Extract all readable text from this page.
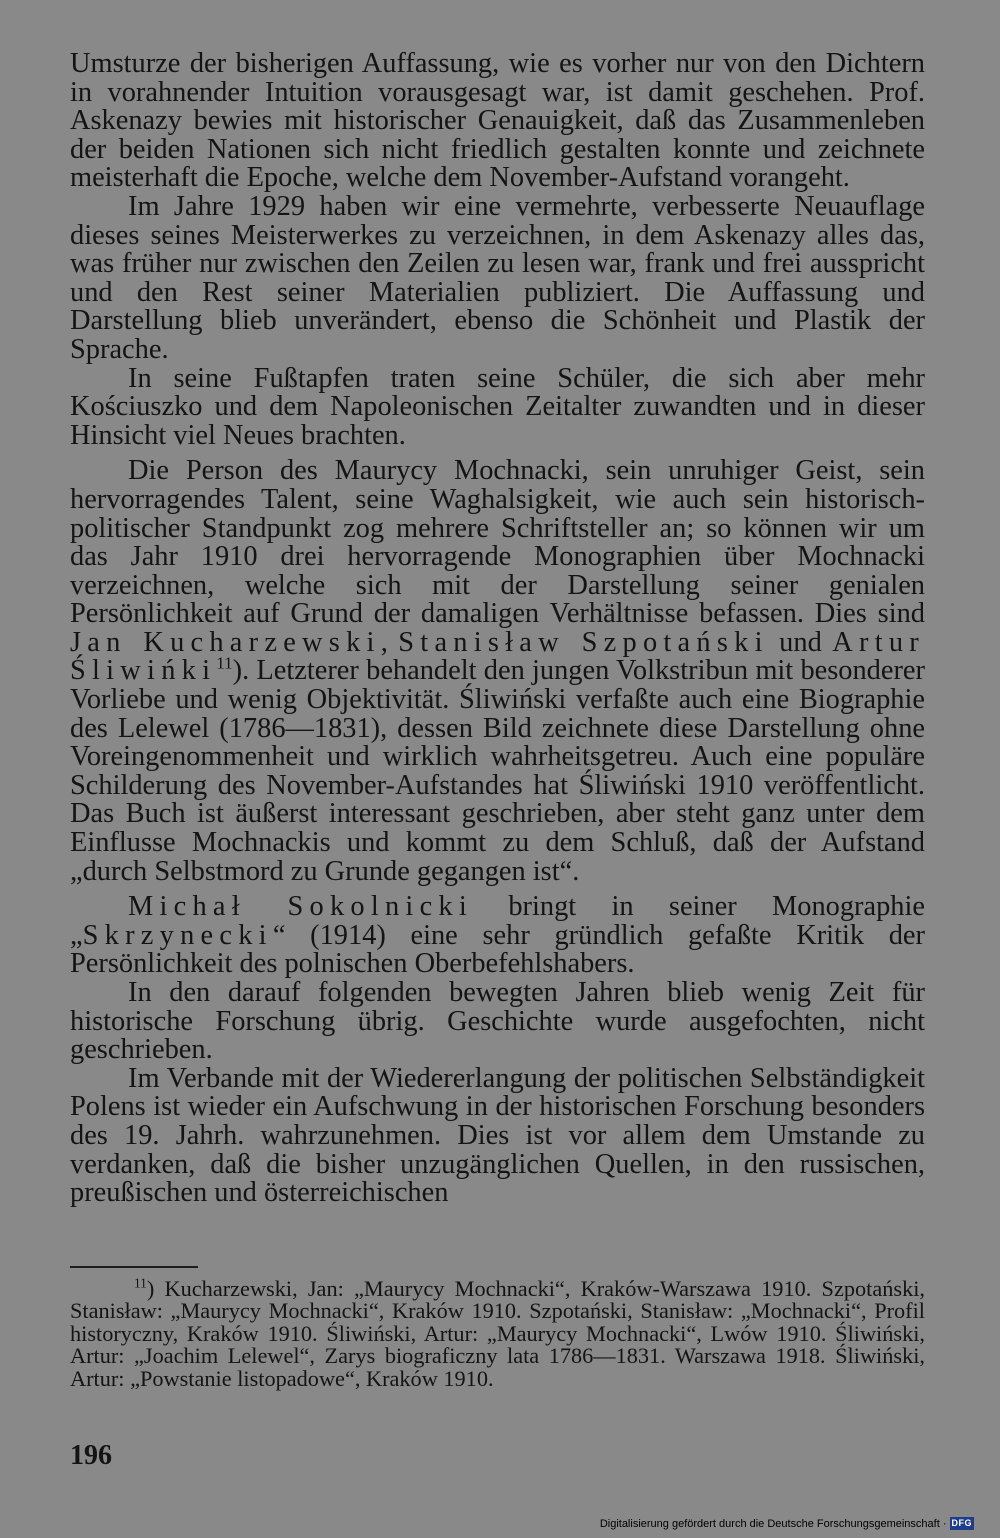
Umsturze der bisherigen Auffassung, wie es vorher nur von den Dichtern in vorahnender Intuition vorausgesagt war, ist damit geschehen. Prof. Askenazy bewies mit historischer Genauigkeit, daß das Zusammenleben der beiden Nationen sich nicht friedlich gestalten konnte und zeichnete meisterhaft die Epoche, welche dem November-Aufstand vorangeht.

Im Jahre 1929 haben wir eine vermehrte, verbesserte Neuauflage dieses seines Meisterwerkes zu verzeichnen, in dem Askenazy alles das, was früher nur zwischen den Zeilen zu lesen war, frank und frei ausspricht und den Rest seiner Materialien publiziert. Die Auffassung und Darstellung blieb unverändert, ebenso die Schönheit und Plastik der Sprache.

In seine Fußtapfen traten seine Schüler, die sich aber mehr Kościuszko und dem Napoleonischen Zeitalter zuwandten und in dieser Hinsicht viel Neues brachten.

Die Person des Maurycy Mochnacki, sein unruhiger Geist, sein hervorragendes Talent, seine Waghalsigkeit, wie auch sein historisch-politischer Standpunkt zog mehrere Schriftsteller an; so können wir um das Jahr 1910 drei hervorragende Monographien über Mochnacki verzeichnen, welche sich mit der Darstellung seiner genialen Persönlichkeit auf Grund der damaligen Verhältnisse befassen. Dies sind Jan Kucharzewski, Stanisław Szpotański und Artur Śliwińki$^{11}$). Letzterer behandelt den jungen Volkstribun mit besonderer Vorliebe und wenig Objektivität. Śliwiński verfaßte auch eine Biographie des Lelewel (1786—1831), dessen Bild zeichnete diese Darstellung ohne Voreingenommenheit und wirklich wahrheitsgetreu. Auch eine populäre Schilderung des November-Aufstandes hat Śliwiński 1910 veröffentlicht. Das Buch ist äußerst interessant geschrieben, aber steht ganz unter dem Einflusse Mochnackis und kommt zu dem Schluß, daß der Aufstand „durch Selbstmord zu Grunde gegangen ist“.

Michał Sokolnicki bringt in seiner Monographie „Skrzynecki“ (1914) eine sehr gründlich gefaßte Kritik der Persönlichkeit des polnischen Oberbefehlshabers.

In den darauf folgenden bewegten Jahren blieb wenig Zeit für historische Forschung übrig. Geschichte wurde ausgefochten, nicht geschrieben.

Im Verbande mit der Wiedererlangung der politischen Selbständigkeit Polens ist wieder ein Aufschwung in der historischen Forschung besonders des 19. Jahrh. wahrzunehmen. Dies ist vor allem dem Umstande zu verdanken, daß die bisher unzugänglichen Quellen, in den russischen, preußischen und österreichischen

$^{11}$) Kucharzewski, Jan: „Maurycy Mochnacki“, Kraków-Warszawa 1910. Szpotański, Stanisław: „Maurycy Mochnacki“, Kraków 1910. Szpotański, Stanisław: „Mochnacki“, Profil historyczny, Kraków 1910. Śliwiński, Artur: „Maurycy Mochnacki“, Lwów 1910. Śliwiński, Artur: „Joachim Lelewel“, Zarys biograficzny lata 1786—1831. Warszawa 1918. Śliwiński, Artur: „Powstanie listopadowe“, Kraków 1910.
196
Digitalisierung gefördert durch die Deutsche Forschungsgemeinschaft · DFG
